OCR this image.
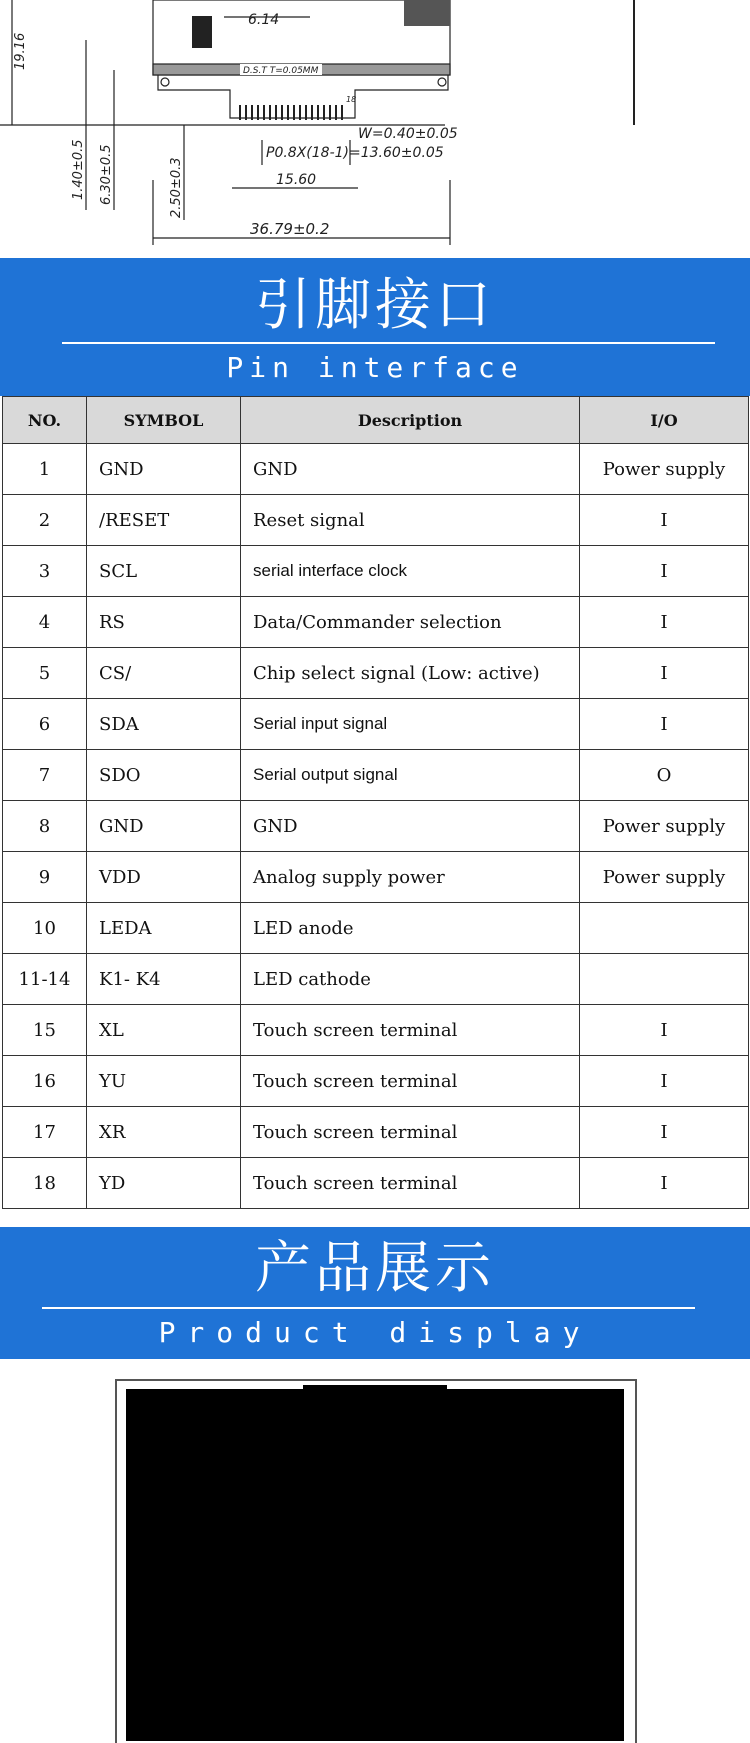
19.16
1.40±0.5 6.30±0.5	2.50±0.3
6.14
D.S.T T=0.05MM
18
W=0.40±0.05
P0.8X(18-1)=13.60±0.05
15.60
36.79±0.2
引脚接口
Pin interface
NO.	SYMBOL	Description	I/O
1	GND	GND	Power supply
2	/RESET	Reset signal	I
3	SCL	serial interface clock	I
4	RS	Data/Commander selection	I
5	CS/	Chip select signal (Low: active)	I
6	SDA	Serial input signal	I
7	SDO	Serial output signal	O
8	GND	GND	Power supply
9	VDD	Analog supply power	Power supply
10	LEDA	LED anode	
11-14	K1- K4	LED cathode	
15	XL	Touch screen terminal	I
16	YU	Touch screen terminal	I
17	XR	Touch screen terminal	I
18	YD	Touch screen terminal	I
产品展示
Product display
